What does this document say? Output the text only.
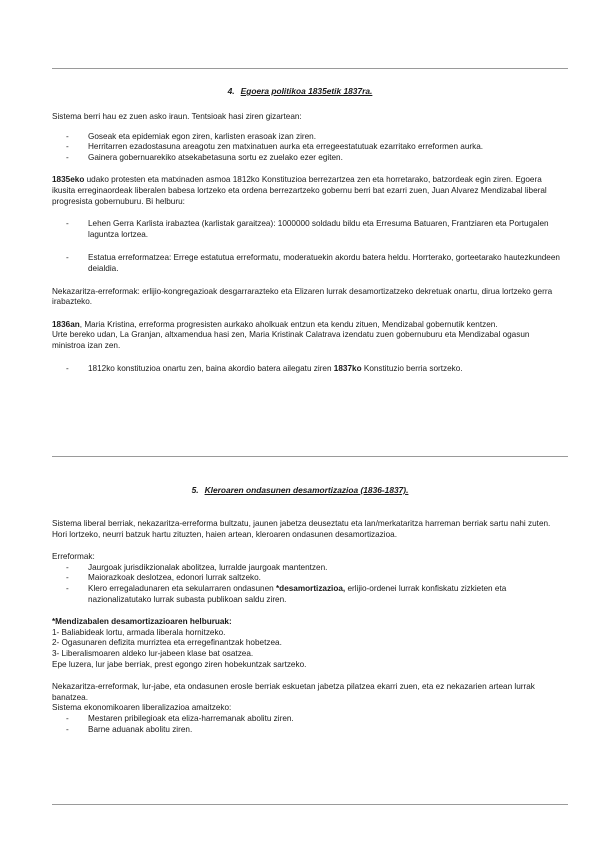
4. Egoera politikoa 1835etik 1837ra.

Sistema berri hau ez zuen asko iraun. Tentsioak hasi ziren gizartean:

- Goseak eta epidemiak egon ziren, karlisten erasoak izan ziren.
- Herritarren ezadostasuna areagotu zen matxinatuen aurka eta erregeestatutuak ezarritako erreformen aurka.
- Gainera gobernuarekiko atsekabetasuna sortu ez zuelako ezer egiten.

1835eko udako protesten eta matxinaden asmoa 1812ko Konstituzioa berrezartzea zen eta horretarako, batzordeak egin ziren. Egoera ikusita erreginaordeak liberalen babesa lortzeko eta ordena berrezartzeko gobernu berri bat ezarri zuen, Juan Alvarez Mendizabal liberal progresista gobernuburu. Bi helburu:

- Lehen Gerra Karlista irabaztea (karlistak garaitzea): 1000000 soldadu bildu eta Erresuma Batuaren, Frantziaren eta Portugalen laguntza lortzea.
- Estatua erreformatzea: Errege estatutua erreformatu, moderatuekin akordu batera heldu. Horrterako, gorteetarako hautezkundeen deialdia.

Nekazaritza-erreformak: erlijio-kongregazioak desgarrarazteko eta Elizaren lurrak desamortizatzeko dekretuak onartu, dirua lortzeko gerra irabazteko.

1836an, Maria Kristina, erreforma progresisten aurkako aholkuak entzun eta kendu zituen, Mendizabal gobernutik kentzen.

Urte bereko udan, La Granjan, altxamendua hasi zen, Maria Kristinak Calatrava izendatu zuen gobernuburu eta Mendizabal ogasun ministroa izan zen.

- 1812ko konstituzioa onartu zen, baina akordio batera ailegatu ziren 1837ko Konstituzio berria sortzeko.
5. Kleroaren ondasunen desamortizazioa (1836-1837).

Sistema liberal berriak, nekazaritza-erreforma bultzatu, jaunen jabetza deuseztatu eta lan/merkataritza harreman berriak sartu nahi zuten. Hori lortzeko, neurri batzuk hartu zituzten, haien artean, kleroaren ondasunen desamortizazioa.

Erreformak:

- Jaurgoak jurisdikzionalak abolitzea, lurralde jaurgoak mantentzen.
- Maiorazkoak deslotzea, edonori lurrak saltzeko.
- Klero erregaladunaren eta sekularraren ondasunen *desamortizazioa, erlijio-ordenei lurrak konfiskatu zizkieten eta nazionalizatutako lurrak subasta publikoan saldu ziren.

*Mendizabalen desamortizazioaren helburuak:

1- Baliabideak lortu, armada liberala hornitzeko.

2- Ogasunaren defizita murriztea eta erregefinantzak hobetzea.

3- Liberalismoaren aldeko lur-jabeen klase bat osatzea.

Epe luzera, lur jabe berriak, prest egongo ziren hobekuntzak sartzeko.

Nekazaritza-erreformak, lur-jabe, eta ondasunen erosle berriak eskuetan jabetza pilatzea ekarri zuen, eta ez nekazarien artean lurrak banatzea.

Sistema ekonomikoaren liberalizazioa amaitzeko:

- Mestaren pribilegioak eta eliza-harremanak abolitu ziren.
- Barne aduanak abolitu ziren.
